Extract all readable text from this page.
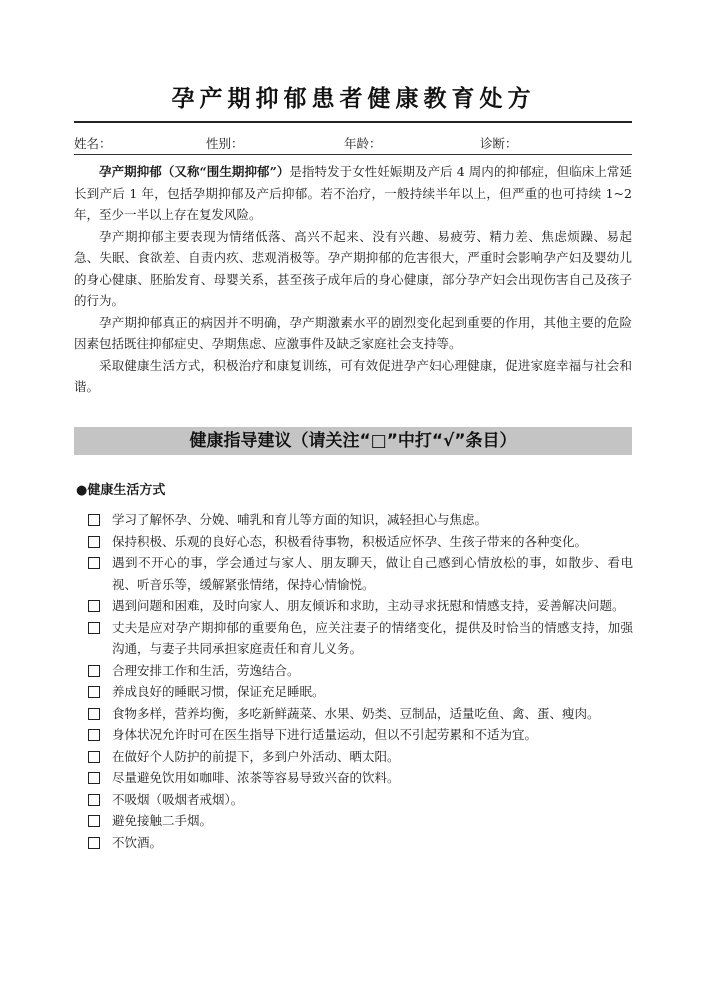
孕产期抑郁患者健康教育处方
姓名：	性别：	年龄：	诊断：

孕产期抑郁（又称“围生期抑郁”）是指特发于女性妊娠期及产后 4 周内的抑郁症，但临床上常延长到产后 1 年，包括孕期抑郁及产后抑郁。若不治疗，一般持续半年以上，但严重的也可持续 1~2 年，至少一半以上存在复发风险。

孕产期抑郁主要表现为情绪低落、高兴不起来、没有兴趣、易疲劳、精力差、焦虑烦躁、易起急、失眠、食欲差、自责内疚、悲观消极等。孕产期抑郁的危害很大，严重时会影响孕产妇及婴幼儿的身心健康、胚胎发育、母婴关系，甚至孩子成年后的身心健康，部分孕产妇会出现伤害自己及孩子的行为。

孕产期抑郁真正的病因并不明确，孕产期激素水平的剧烈变化起到重要的作用，其他主要的危险因素包括既往抑郁症史、孕期焦虑、应激事件及缺乏家庭社会支持等。

采取健康生活方式，积极治疗和康复训练，可有效促进孕产妇心理健康，促进家庭幸福与社会和谐。

健康指导建议（请关注“□”中打“√”条目）
●健康生活方式
学习了解怀孕、分娩、哺乳和育儿等方面的知识，减轻担心与焦虑。
保持积极、乐观的良好心态，积极看待事物，积极适应怀孕、生孩子带来的各种变化。
遇到不开心的事，学会通过与家人、朋友聊天，做让自己感到心情放松的事，如散步、看电视、听音乐等，缓解紧张情绪，保持心情愉悦。
遇到问题和困难，及时向家人、朋友倾诉和求助，主动寻求抚慰和情感支持，妥善解决问题。
丈夫是应对孕产期抑郁的重要角色，应关注妻子的情绪变化，提供及时恰当的情感支持，加强沟通，与妻子共同承担家庭责任和育儿义务。
合理安排工作和生活，劳逸结合。
养成良好的睡眠习惯，保证充足睡眠。
食物多样，营养均衡，多吃新鲜蔬菜、水果、奶类、豆制品，适量吃鱼、禽、蛋、瘦肉。
身体状况允许时可在医生指导下进行适量运动，但以不引起劳累和不适为宜。
在做好个人防护的前提下，多到户外活动、晒太阳。
尽量避免饮用如咖啡、浓茶等容易导致兴奋的饮料。
不吸烟（吸烟者戒烟）。
避免接触二手烟。
不饮酒。
